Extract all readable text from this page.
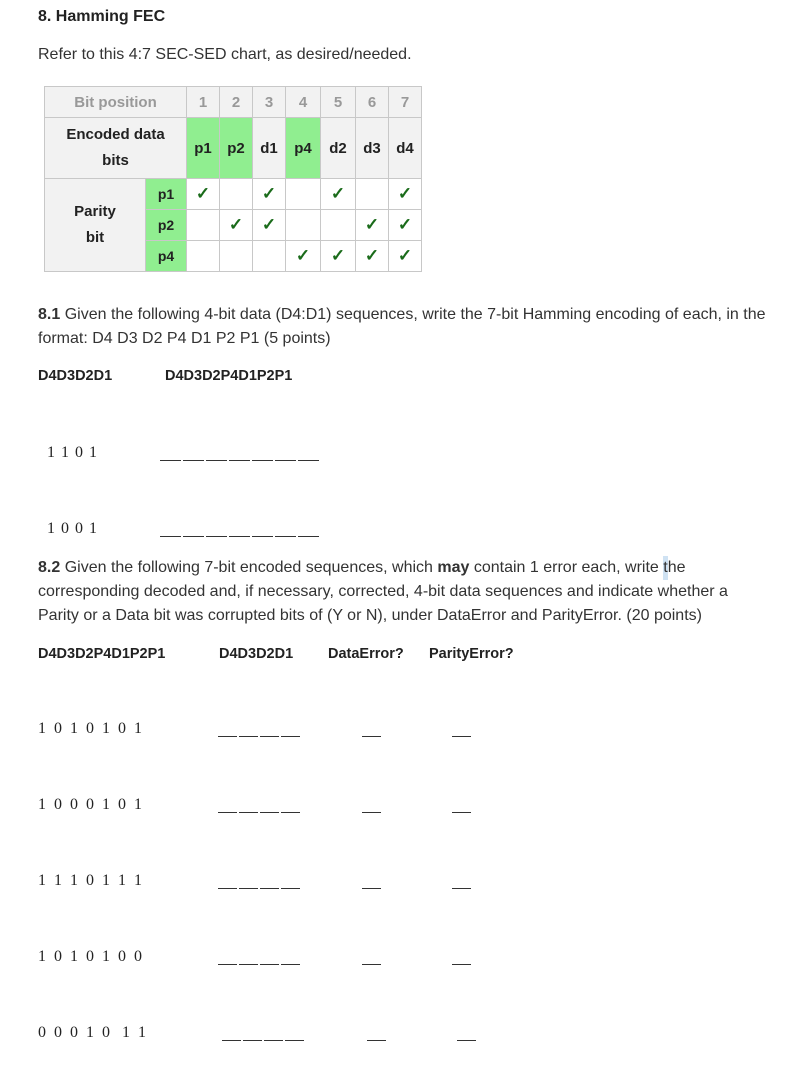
8. Hamming FEC
Refer to this 4:7 SEC-SED chart, as desired/needed.
Bit position		1	2	3	4	5	6	7
Encoded data
bits		p1	p2	d1	p4	d2	d3	d4
Parity
bit	p1	✓		✓		✓		✓
	p2		✓	✓			✓	✓
	p4				✓	✓	✓	✓
8.1 Given the following 4-bit data (D4:D1) sequences, write the 7-bit Hamming encoding of each, in the format: D4 D3 D2 P4 D1 P2 P1 (5 points)
D4D3D2D1	D4D3D2P4D1P2P1
1 1 0 1
1 0 0 1
8.2 Given the following 7-bit encoded sequences, which may contain 1 error each, write the corresponding decoded and, if necessary, corrected, 4-bit data sequences and indicate whether a Parity or a Data bit was corrupted bits of (Y or N), under DataError and ParityError. (20 points)
D4D3D2P4D1P2P1	D4D3D2D1 DataError? ParityError?
1  0  1  0  1  0  1
1  0  0  0  1  0  1
1  1  1  0  1  1  1
1  0  1  0  1  0  0
0  0  0  1  0   1  1
